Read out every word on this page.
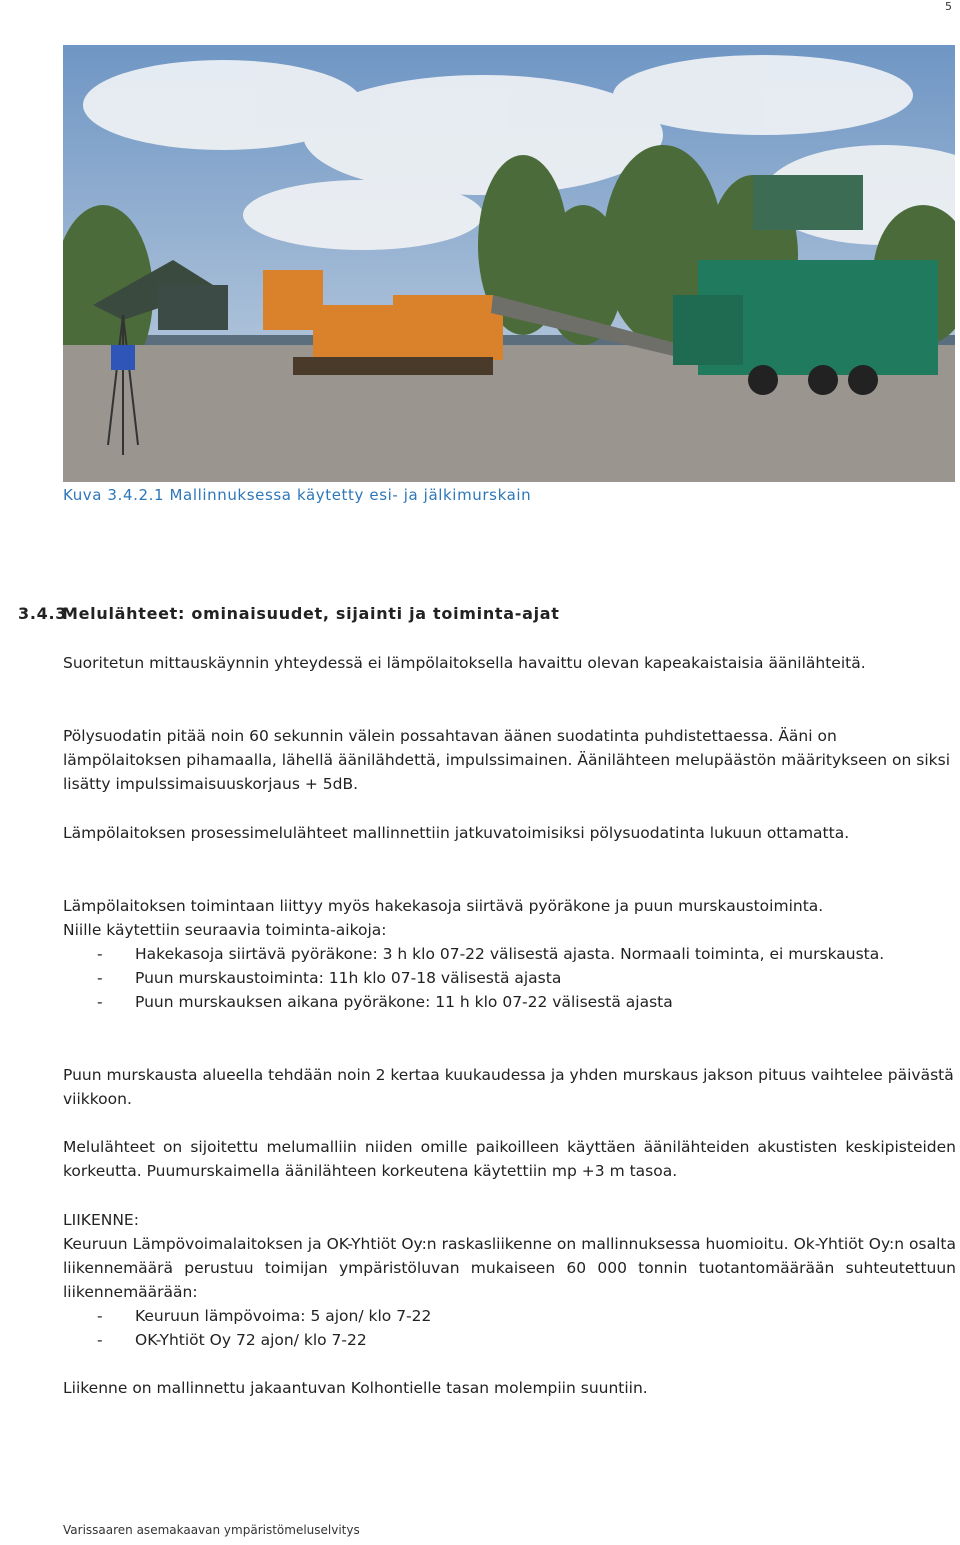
5
Kuva 3.4.2.1 Mallinnuksessa käytetty esi- ja jälkimurskain
3.4.3Melulähteet: ominaisuudet, sijainti ja toiminta-ajat

Suoritetun mittauskäynnin yhteydessä ei lämpölaitoksella havaittu olevan kapeakaistaisia äänilähteitä.

Pölysuodatin pitää noin 60 sekunnin välein possahtavan äänen suodatinta puhdistettaessa. Ääni on lämpölaitoksen pihamaalla, lähellä äänilähdettä, impulssimainen. Äänilähteen melupäästön määritykseen on siksi lisätty impulssimaisuuskorjaus + 5dB.

Lämpölaitoksen prosessimelulähteet mallinnettiin jatkuvatoimisiksi pölysuodatinta lukuun ottamatta.

Lämpölaitoksen toimintaan liittyy myös hakekasoja siirtävä pyöräkone ja puun murskaustoiminta.

Niille käytettiin seuraavia toiminta-aikoja:

-	Hakekasoja siirtävä pyöräkone: 3 h klo 07-22 välisestä ajasta. Normaali toiminta, ei murskausta.
-	Puun murskaustoiminta: 11h klo 07-18 välisestä ajasta
-	Puun murskauksen aikana pyöräkone: 11 h klo 07-22 välisestä ajasta

Puun murskausta alueella tehdään noin 2 kertaa kuukaudessa ja yhden murskaus jakson pituus vaihtelee päivästä viikkoon.

Melulähteet on sijoitettu melumalliin niiden omille paikoilleen käyttäen äänilähteiden akustisten keskipisteiden korkeutta. Puumurskaimella äänilähteen korkeutena käytettiin mp +3 m tasoa.

LIIKENNE:

Keuruun Lämpövoimalaitoksen ja OK-Yhtiöt Oy:n raskasliikenne on mallinnuksessa huomioitu. Ok-Yhtiöt Oy:n osalta liikennemäärä perustuu toimijan ympäristöluvan mukaiseen 60 000 tonnin tuotantomäärään suhteutettuun liikennemäärään:

-	Keuruun lämpövoima: 5 ajon/ klo 7-22
-	OK-Yhtiöt Oy 72 ajon/ klo 7-22

Liikenne on mallinnettu jakaantuvan Kolhontielle tasan molempiin suuntiin.

Varissaaren asemakaavan ympäristömeluselvitys
